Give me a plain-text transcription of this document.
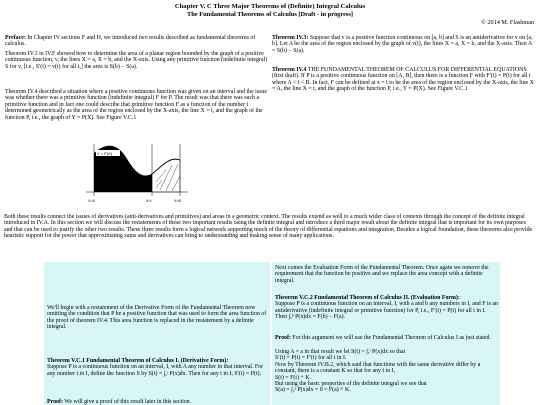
Chapter V. C Three Major Theorems of (Definite) Integral Calculus
The Fundamental Theorems of Calculus [Draft - in progress]
© 2014 M. Flashman
Preface: In Chapter IV sections F and H, we introduced two results described as fundamental theorems of calculus.
Theorem IV.3 in IV.F showed how to determine the area of a planar region bounded by the graph of a positive continuous function, v, the lines X = a, X = b, and the X-axis. Using any primitive function (indefinite integral) S for v, [i.e., S′(t) = v(t) for all t,] the area is S(b) − S(a).
Theorem IV.4 described a situation where a positive continuous function was given on an interval and the issue was whether there was a primitive function (indefinite integral) F for P. The result was that there was such a primitive function and in fact one could describe that primitive function F as a function of the number t determined geometrically as the area of the region enclosed by the X-axis, the line X = t, and the graph of the function P, i.e., the graph of Y = P(X). See Figure V.C.1
Y = P(X)
X=A	X=t	X=B
Theorem IV.3: Suppose that v is a positive function continuous on [a, b] and S is an antiderivative for v on [a, b]. Let A be the area of the region enclosed by the graph of v(t), the lines X = a, X = b, and the X-axis. Then A = S(b) − S(a).
Theorem IV.4 THE FUNDAMENTAL THEOREM OF CALCULUS FOR DIFFERENTIAL EQUATIONS (first draft). If P is a positive continuous function on [A, B], then there is a function F with F′(t) = P(t) for all t where A < t < B. In fact, F can be defined at x = t to be the area of the region enclosed by the X-axis, the line X = A, the line X = t, and the graph of the function P, i.e., Y = P(X). See Figure V.C.1
Both these results connect the issues of derivatives (anti-derivatives and primitives) and areas in a geometric context. The results extend as well to a much wider class of contexts through the concept of the definite integral introduced in IV.A. In this section we will discuss the restatements of these two important results using the definite integral and introduce a third major result about the definite integral that is important for its own purposes and that can be used to justify the other two results. These three results form a logical network supporting much of the theory of differential equations and integration. Besides a logical foundation, these theorems also provide heuristic support for the power that approximating sums and derivatives can bring to understanding and making sense of many applications.
We'll begin with a restatement of the Derivative Form of the Fundamental Theorem now omitting the condition that P be a positive function that was used to form the area function of the proof of theorem IV.4. This area function is replaced in the restatement by a definite integral.
Theorem V.C.1 Fundamental Theorem of Calculus I. (Derivative Form):
Suppose P is a continuous function on an interval, I, with A any number in that interval. For any number t in I, define the function S by S(t) = ∫ₐᵗ P(x)dx. Then for any t in I, S′(t) = P(t).
Proof: We will give a proof of this result later in this section.
Next comes the Evaluation Form of the Fundamental Theorem. Once again we remove the requirement that the function be positive and we replace the area concept with a definite integral.
Theorem V.C.2 Fundamental Theorem of Calculus II. (Evaluation Form):
Suppose P is a continuous function on an interval, I, with a and b any numbers in I, and F is an antiderivative (indefinite integral or primitive function) for P, i.e., F′(t) = P(t) for all t in I. Then ∫ₐᵇ P(x)dx = F(b) − F(a).
Proof: For this argument we will use the Fundamental Theorem of Calculus I as just stated.
Using A = a in that result we let S(t) = ∫ₐᵗ P(x)dx so that
S′(t) = P(t) = F′(t) for all t in I.
Now by Theorem IV.B.2, which said that functions with the same derivative differ by a constant, there is a constant K so that for any t in I,
S(t) = F(t) + K.
But using the basic properties of the definite integral we see that
S(a) = ∫ₐᵃ P(x)dx = 0 = F(a) + K.
